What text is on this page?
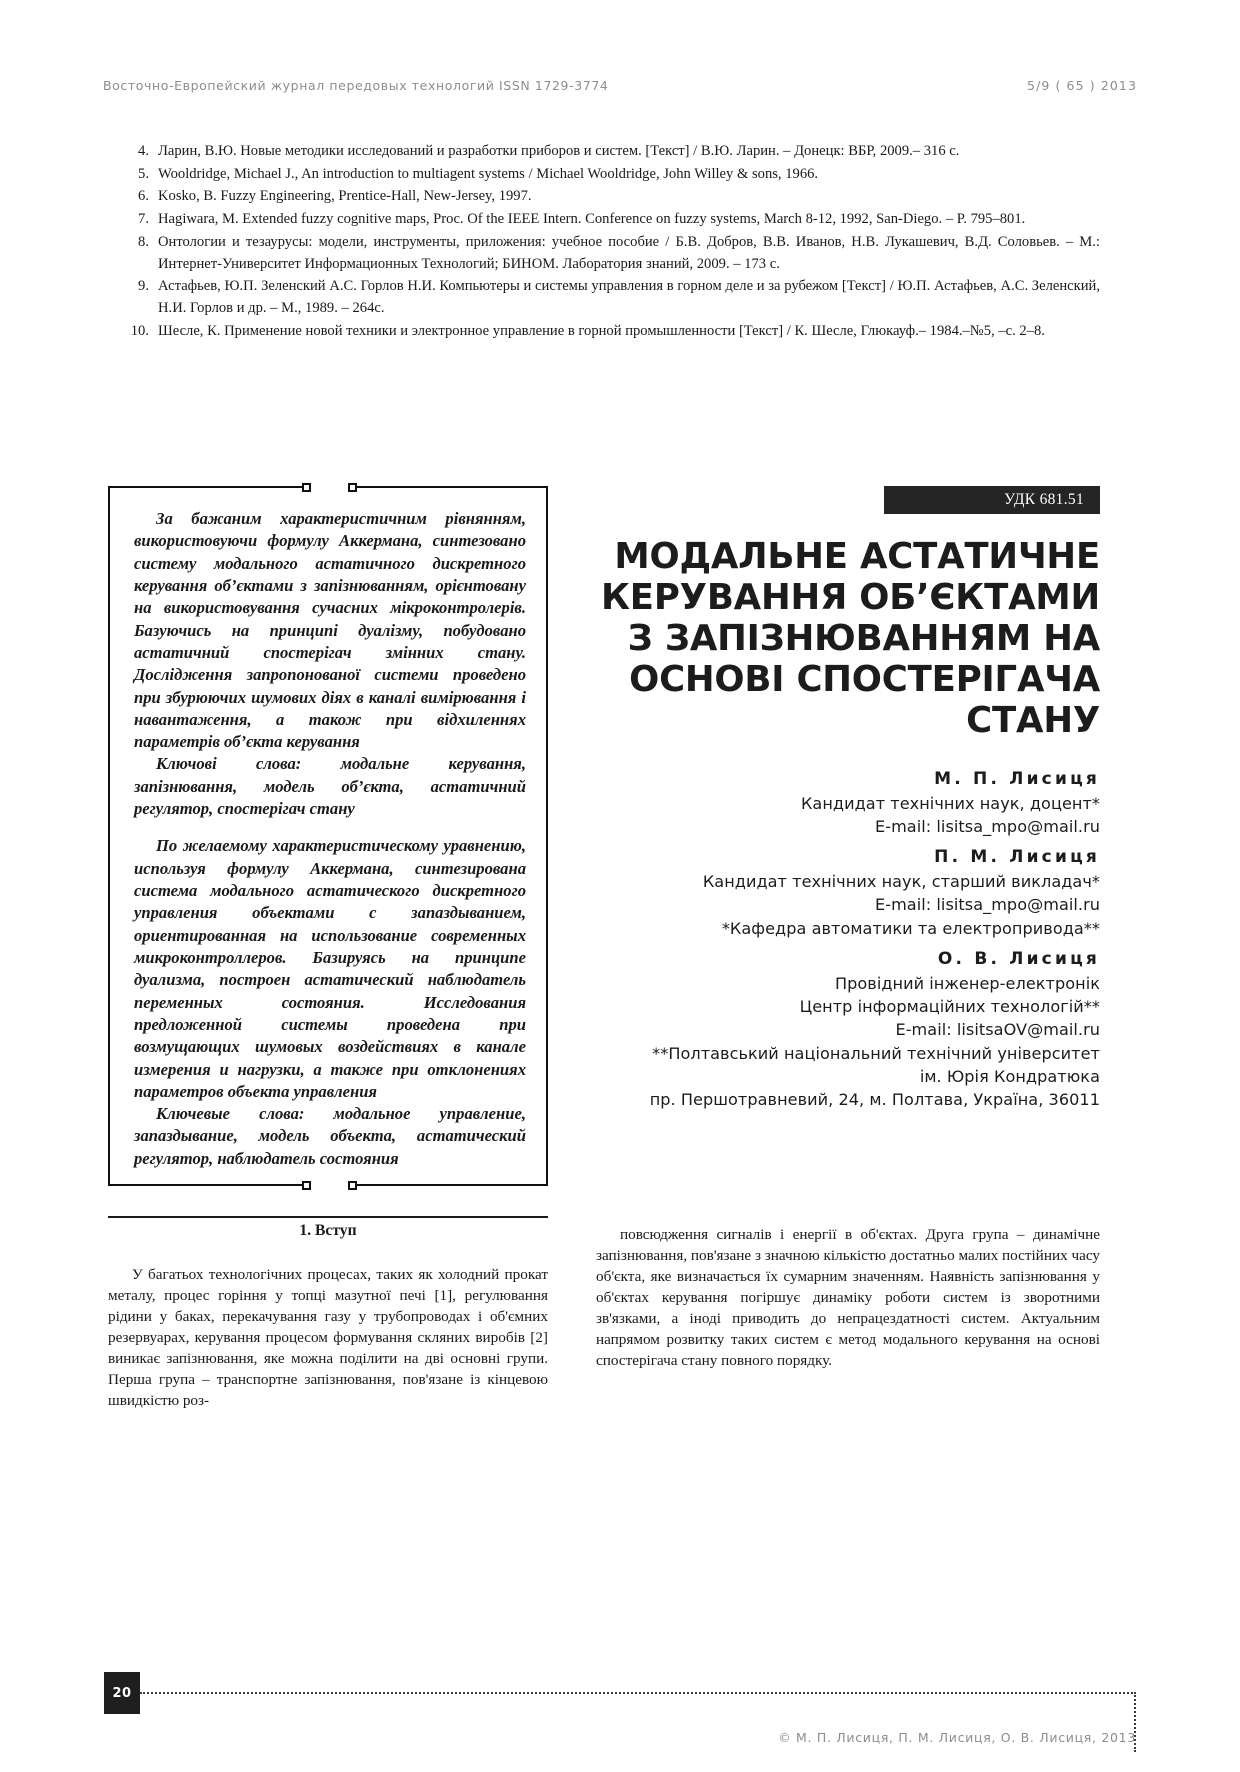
Восточно-Европейский журнал передовых технологий ISSN 1729-3774	5/9 ( 65 ) 2013
4. Ларин, В.Ю. Новые методики исследований и разработки приборов и систем. [Текст] / В.Ю. Ларин. – Донецк: ВБР, 2009.– 316 с.
5. Wooldridge, Michael J., An introduction to multiagent systems / Michael Wooldridge, John Willey & sons, 1966.
6. Kosko, B. Fuzzy Engineering, Prentice-Hall, New-Jersey, 1997.
7. Hagiwara, M. Extended fuzzy cognitive maps, Proc. Of the IEEE Intern. Conference on fuzzy systems, March 8-12, 1992, San-Diego. – P. 795–801.
8. Онтологии и тезаурусы: модели, инструменты, приложения: учебное пособие / Б.В. Добров, В.В. Иванов, Н.В. Лукашевич, В.Д. Соловьев. – М.: Интернет-Университет Информационных Технологий; БИНОМ. Лаборатория знаний, 2009. – 173 с.
9. Астафьев, Ю.П. Зеленский А.С. Горлов Н.И. Компьютеры и системы управления в горном деле и за рубежом [Текст] / Ю.П. Астафьев, А.С. Зеленский, Н.И. Горлов и др. – М., 1989. – 264с.
10. Шесле, К. Применение новой техники и электронное управление в горной промышленности [Текст] / К. Шесле, Глюкауф.– 1984.–№5, –с. 2–8.

За бажаним характеристичним рівнянням, використовуючи формулу Аккермана, синтезовано систему модального астатичного дискретного керування об’єктами з запізнюванням, орієнтовану на використовування сучасних мікроконтролерів. Базуючись на принципі дуалізму, побудовано астатичний спостерігач змінних стану. Дослідження запропонованої системи проведено при збурюючих шумових діях в каналі вимірювання і навантаження, а також при відхиленнях параметрів об’єкта керування

Ключові слова: модальне керування, запізнювання, модель об’єкта, астатичний регулятор, спостерігач стану

По желаемому характеристическому уравнению, используя формулу Аккермана, синтезирована система модального астатического дискретного управления объектами с запаздыванием, ориентированная на использование современных микроконтроллеров. Базируясь на принципе дуализма, построен астатический наблюдатель переменных состояния. Исследования предложенной системы проведена при возмущающих шумовых воздействиях в канале измерения и нагрузки, а также при отклонениях параметров объекта управления

Ключевые слова: модальное управление, запаздывание, модель объекта, астатический регулятор, наблюдатель состояния

УДК 681.51
МОДАЛЬНЕ АСТАТИЧНЕ КЕРУВАННЯ ОБ’ЄКТАМИ З ЗАПІЗНЮВАННЯМ НА ОСНОВІ СПОСТЕРІГАЧА СТАНУ
М. П. Лисиця
Кандидат технічних наук, доцент*
E-mail: lisitsa_mpo@mail.ru
П. М. Лисиця
Кандидат технічних наук, старший викладач*
E-mail: lisitsa_mpo@mail.ru
*Кафедра автоматики та електропривода**
О. В. Лисиця
Провідний інженер-електронік
Центр інформаційних технологій**
E-mail: lisitsaOV@mail.ru
**Полтавський національний технічний університет
ім. Юрія Кондратюка
пр. Першотравневий, 24, м. Полтава, Україна, 36011
1. Вступ

У багатьох технологічних процесах, таких як холодний прокат металу, процес горіння у топці мазутної печі [1], регулювання рідини у баках, перекачування газу у трубопроводах і об'ємних резервуарах, керування процесом формування скляних виробів [2] виникає запізнювання, яке можна поділити на дві основні групи. Перша група – транспортне запізнювання, пов'язане із кінцевою швидкістю роз-

повсюдження сигналів і енергії в об'єктах. Друга група – динамічне запізнювання, пов'язане з значною кількістю достатньо малих постійних часу об'єкта, яке визначається їх сумарним значенням. Наявність запізнювання у об'єктах керування погіршує динаміку роботи систем із зворотними зв'язками, а іноді приводить до непрацездатності систем. Актуальним напрямом розвитку таких систем є метод модального керування на основі спостерігача стану повного порядку.

20
© М. П. Лисиця, П. М. Лисиця, О. В. Лисиця, 2013
